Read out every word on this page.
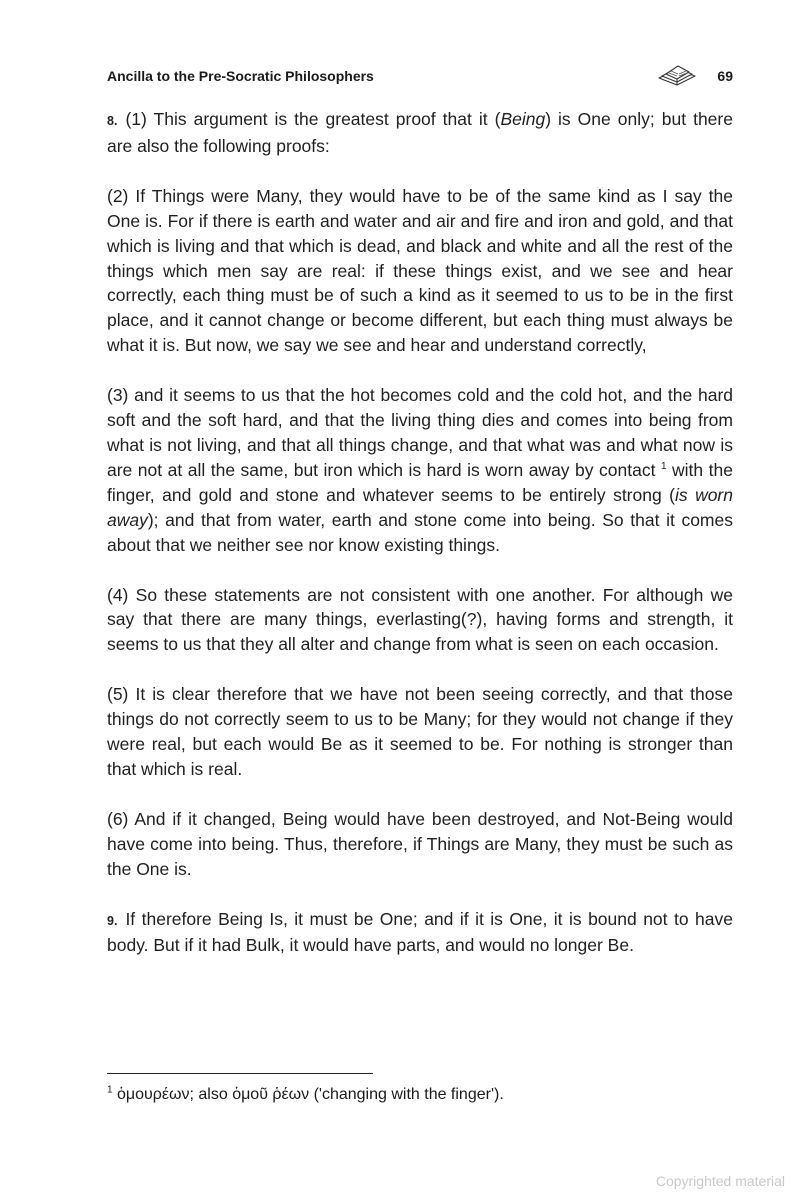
Ancilla to the Pre-Socratic Philosophers	69

8. (1) This argument is the greatest proof that it (Being) is One only; but there are also the following proofs:

(2) If Things were Many, they would have to be of the same kind as I say the One is. For if there is earth and water and air and fire and iron and gold, and that which is living and that which is dead, and black and white and all the rest of the things which men say are real: if these things exist, and we see and hear correctly, each thing must be of such a kind as it seemed to us to be in the first place, and it cannot change or become different, but each thing must always be what it is. But now, we say we see and hear and understand correctly,

(3) and it seems to us that the hot becomes cold and the cold hot, and the hard soft and the soft hard, and that the living thing dies and comes into being from what is not living, and that all things change, and that what was and what now is are not at all the same, but iron which is hard is worn away by contact $^1$ with the finger, and gold and stone and whatever seems to be entirely strong (is worn away); and that from water, earth and stone come into being. So that it comes about that we neither see nor know existing things.

(4) So these statements are not consistent with one another. For although we say that there are many things, everlasting(?), having forms and strength, it seems to us that they all alter and change from what is seen on each occasion.

(5) It is clear therefore that we have not been seeing correctly, and that those things do not correctly seem to us to be Many; for they would not change if they were real, but each would Be as it seemed to be. For nothing is stronger than that which is real.

(6) And if it changed, Being would have been destroyed, and Not-Being would have come into being. Thus, therefore, if Things are Many, they must be such as the One is.

9. If therefore Being Is, it must be One; and if it is One, it is bound not to have body. But if it had Bulk, it would have parts, and would no longer Be.

$^1$ ὁμουρέων; also ὁμοῦ ῥέων ('changing with the finger').
Copyrighted material
